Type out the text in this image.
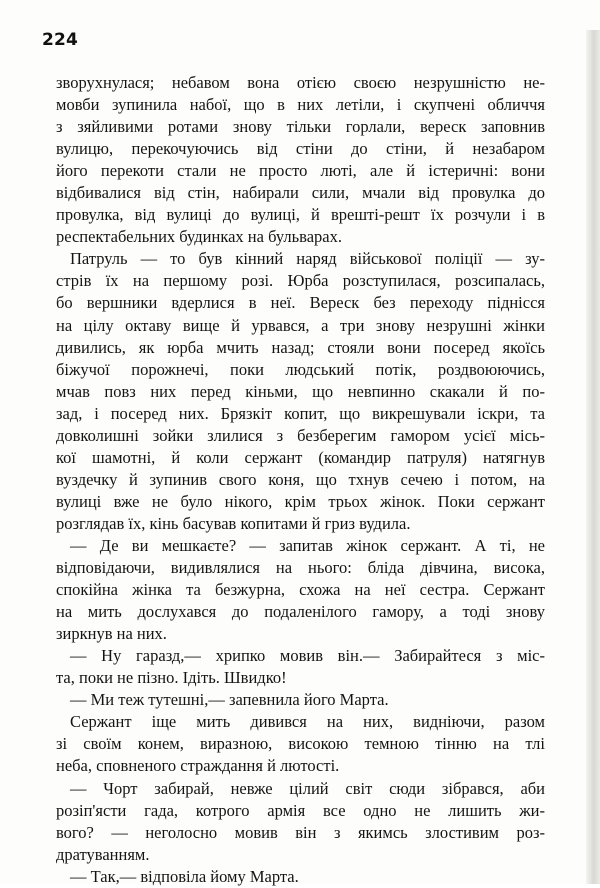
224
зворухнулася; небавом вона отією своєю незрушністю не-
мовби зупинила набої, що в них летіли, і скупчені обличчя
з зяйливими ротами знову тільки горлали, вереск заповнив
вулицю, перекочуючись від стіни до стіни, й незабаром
його перекоти стали не просто люті, але й істеричні: вони
відбивалися від стін, набирали сили, мчали від провулка до
провулка, від вулиці до вулиці, й врешті-решт їх розчули і в
респектабельних будинках на бульварах.
Патруль — то був кінний наряд військової поліції — зу-
стрів їх на першому розі. Юрба розступилася, розсипалась,
бо вершники вдерлися в неї. Вереск без переходу піднісся
на цілу октаву вище й урвався, а три знову незрушні жінки
дивились, як юрба мчить назад; стояли вони посеред якоїсь
біжучої порожнечі, поки людський потік, роздвоюючись,
мчав повз них перед кіньми, що невпинно скакали й по-
зад, і посеред них. Брязкіт копит, що викрешували іскри, та
довколишні зойки злилися з безберегим гамором усієї місь-
кої шамотні, й коли сержант (командир патруля) натягнув
вуздечку й зупинив свого коня, що тхнув сечею і потом, на
вулиці вже не було нікого, крім трьох жінок. Поки сержант
розглядав їх, кінь басував копитами й гриз вудила.
— Де ви мешкаєте? — запитав жінок сержант. А ті, не
відповідаючи, видивлялися на нього: бліда дівчина, висока,
спокійна жінка та безжурна, схожа на неї сестра. Сержант
на мить дослухався до подаленілого гамору, а тоді знову
зиркнув на них.
— Ну гаразд,— хрипко мовив він.— Забирайтеся з міс-
та, поки не пізно. Ідіть. Швидко!
— Ми теж тутешні,— запевнила його Марта.
Сержант іще мить дивився на них, видніючи, разом
зі своїм конем, виразною, високою темною тінню на тлі
неба, сповненого страждання й лютості.
— Чорт забирай, невже цілий світ сюди зібрався, аби
розіп'ясти гада, котрого армія все одно не лишить жи-
вого? — неголосно мовив він з якимсь злостивим роз-
дратуванням.
— Так,— відповіла йому Марта.
